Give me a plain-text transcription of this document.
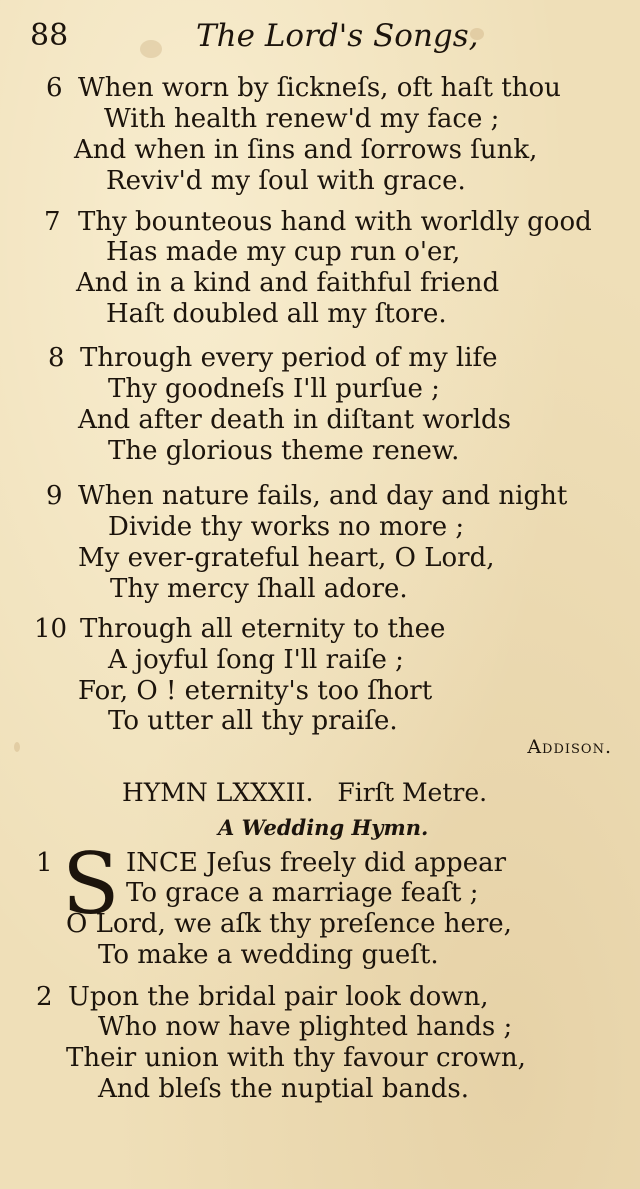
88	The Lord's Songs,
6 When worn by ſickneſs, oft haſt thou
With health renew'd my face ;
And when in ſins and ſorrows ſunk,
Reviv'd my ſoul with grace.
7 Thy bounteous hand with worldly good
Has made my cup run o'er,
And in a kind and faithful friend
Haſt doubled all my ſtore.
8 Through every period of my life
Thy goodneſs I'll purſue ;
And after death in diſtant worlds
The glorious theme renew.
9 When nature fails, and day and night
Divide thy works no more ;
My ever-grateful heart, O Lord,
Thy mercy ſhall adore.
10 Through all eternity to thee
A joyful ſong I'll raiſe ;
For, O ! eternity's too ſhort
To utter all thy praiſe.
Addison.
HYMN LXXXII. Firſt Metre.
A Wedding Hymn.
1 S INCE Jeſus freely did appear
To grace a marriage feaſt ;
O Lord, we aſk thy preſence here,
To make a wedding gueſt.
2 Upon the bridal pair look down,
Who now have plighted hands ;
Their union with thy favour crown,
And bleſs the nuptial bands.
